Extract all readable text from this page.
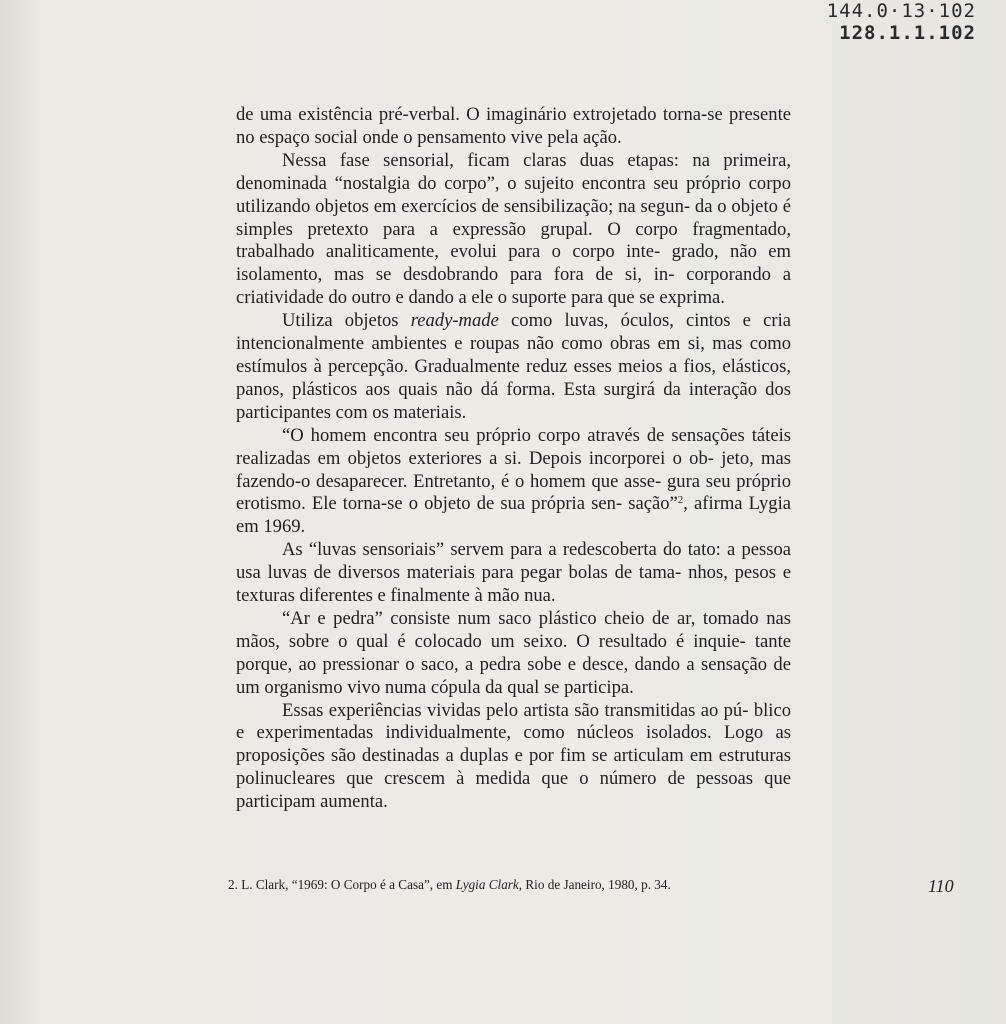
144.0·13·102
128.1.1.102

de uma existência pré-verbal. O imaginário extrojetado torna-se presente no espaço social onde o pensamento vive pela ação.

Nessa fase sensorial, ficam claras duas etapas: na primeira, denominada “nostalgia do corpo”, o sujeito encontra seu próprio corpo utilizando objetos em exercícios de sensibilização; na segun- da o objeto é simples pretexto para a expressão grupal. O corpo fragmentado, trabalhado analiticamente, evolui para o corpo inte- grado, não em isolamento, mas se desdobrando para fora de si, in- corporando a criatividade do outro e dando a ele o suporte para que se exprima.

Utiliza objetos ready-made como luvas, óculos, cintos e cria intencionalmente ambientes e roupas não como obras em si, mas como estímulos à percepção. Gradualmente reduz esses meios a fios, elásticos, panos, plásticos aos quais não dá forma. Esta surgirá da interação dos participantes com os materiais.

“O homem encontra seu próprio corpo através de sensações táteis realizadas em objetos exteriores a si. Depois incorporei o ob- jeto, mas fazendo-o desaparecer. Entretanto, é o homem que asse- gura seu próprio erotismo. Ele torna-se o objeto de sua própria sen- sação”$^2$, afirma Lygia em 1969.

As “luvas sensoriais” servem para a redescoberta do tato: a pessoa usa luvas de diversos materiais para pegar bolas de tama- nhos, pesos e texturas diferentes e finalmente à mão nua.

“Ar e pedra” consiste num saco plástico cheio de ar, tomado nas mãos, sobre o qual é colocado um seixo. O resultado é inquie- tante porque, ao pressionar o saco, a pedra sobe e desce, dando a sensação de um organismo vivo numa cópula da qual se participa.

Essas experiências vividas pelo artista são transmitidas ao pú- blico e experimentadas individualmente, como núcleos isolados. Logo as proposições são destinadas a duplas e por fim se articulam em estruturas polinucleares que crescem à medida que o número de pessoas que participam aumenta.

2. L. Clark, “1969: O Corpo é a Casa”, em Lygia Clark, Rio de Janeiro, 1980, p. 34.	110
